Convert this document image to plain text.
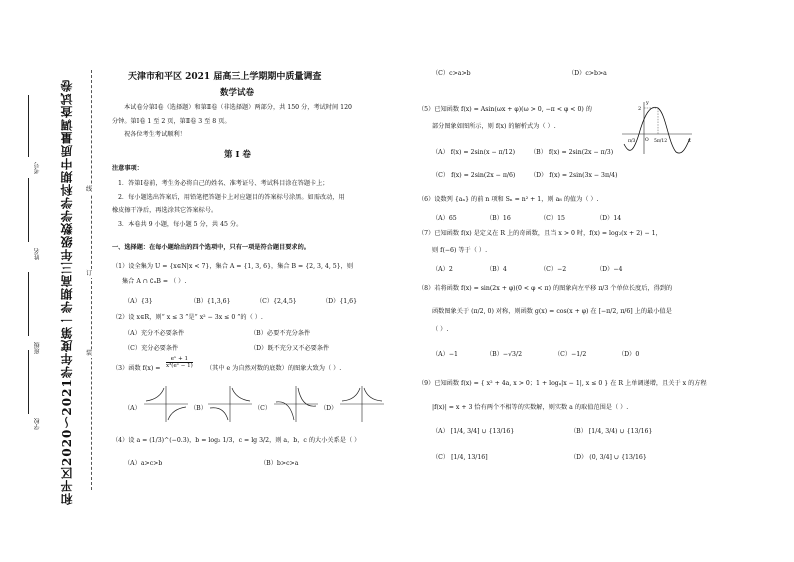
和平区2020～2021学年度第一学期高三年级数学学科期中质量调查试卷
学校
班级
姓名
考号
线
订
装
天津市和平区 2021 届高三上学期期中质量调查
数学试卷
本试卷分第Ⅰ卷（选择题）和第Ⅱ卷（非选择题）两部分，共 150 分，考试时间 120
分钟。第Ⅰ卷 1 至 2 页，第Ⅱ卷 3 至 8 页。
祝各位考生考试顺利！
第 Ⅰ 卷
注意事项：
1．答第Ⅰ卷前，考生务必将自己的姓名、准考证号、考试科目涂在答题卡上；
2．每小题选出答案后，用铅笔把答题卡上对应题目的答案标号涂黑。如需改动，用
橡皮擦干净后，再选涂其它答案标号。
3．本卷共 9 小题，每小题 5 分，共 45 分。
一、选择题：在每小题给出的四个选项中，只有一项是符合题目要求的。
（1）设全集为 U = {x∈N|x < 7}，集合 A = {1, 3, 6}，集合 B = {2, 3, 4, 5}，则
集合 A ∩ ∁ᵤB = （ ）.
（A）{3}	（B）{1,3,6}	（C）{2,4,5}	（D）{1,6}
（2）设 x∈R，则“ x ≤ 3 ”是“ x² − 3x ≤ 0 ”的（ ）.
（A）充分不必要条件	（B）必要不充分条件
（C）充分必要条件	（D）既不充分又不必要条件
（3）函数 $f(x) = \frac{\text{eˣ + 1}}{\text{x³(eˣ − 1)}}$ （其中 e 为自然对数的底数）的图象大致为（ ）.
（A）	（B）	（C）	（D）
（4）设 a = (1/3)^(−0.3)，b = log₂ 1/3，c = lg 3/2，则 a，b，c 的大小关系是（ ）
（A）a>c>b	（B）b>c>a
（C）c>a>b	（D）c>b>a
（5）已知函数 f(x) = Asin(ωx + φ)(ω > 0, −π < φ < 0) 的
部分图象如图所示，则 f(x) 的解析式为（ ）.
（A） f(x) = 2sin(x − π/12) （B） f(x) = 2sin(2x − π/3)
（C） f(x) = 2sin(2x − π/6) （D） f(x) = 2sin(3x − 3π/4)
y
x
2
π/3 O 5π/12
（6）设数列 {aₙ} 的前 n 项和 Sₙ = n² + 1，则 a₈ 的值为（ ）.
（A）65	（B）16	（C）15	（D）14
（7）已知函数 f(x) 是定义在 R 上的奇函数，且当 x > 0 时，f(x) = log₂(x + 2) − 1，
则 f(−6) 等于（ ）.
（A）2	（B）4	（C）−2	（D）−4
（8）若将函数 f(x) = sin(2x + φ)(0 < φ < π) 的图象向左平移 π/3 个单位长度后，得到的
函数图象关于 (π/2, 0) 对称，则函数 g(x) = cos(x + φ) 在 [−π/2, π/6] 上的最小值是
（ ）.
（A）−1	（B）−√3/2	（C）−1/2	（D）0
（9）已知函数 f(x) = { x² + 4a, x > 0；1 + logₐ|x − 1|, x ≤ 0 } 在 R 上单调递增，且关于 x 的方程
|f(x)| = x + 3 恰有两个不相等的实数解，则实数 a 的取值范围是（ ）.
（A） [1/4, 3/4] ∪ {13/16}	（B） [1/4, 3/4) ∪ {13/16}
（C） [1/4, 13/16]	（D） (0, 3/4] ∪ {13/16}
